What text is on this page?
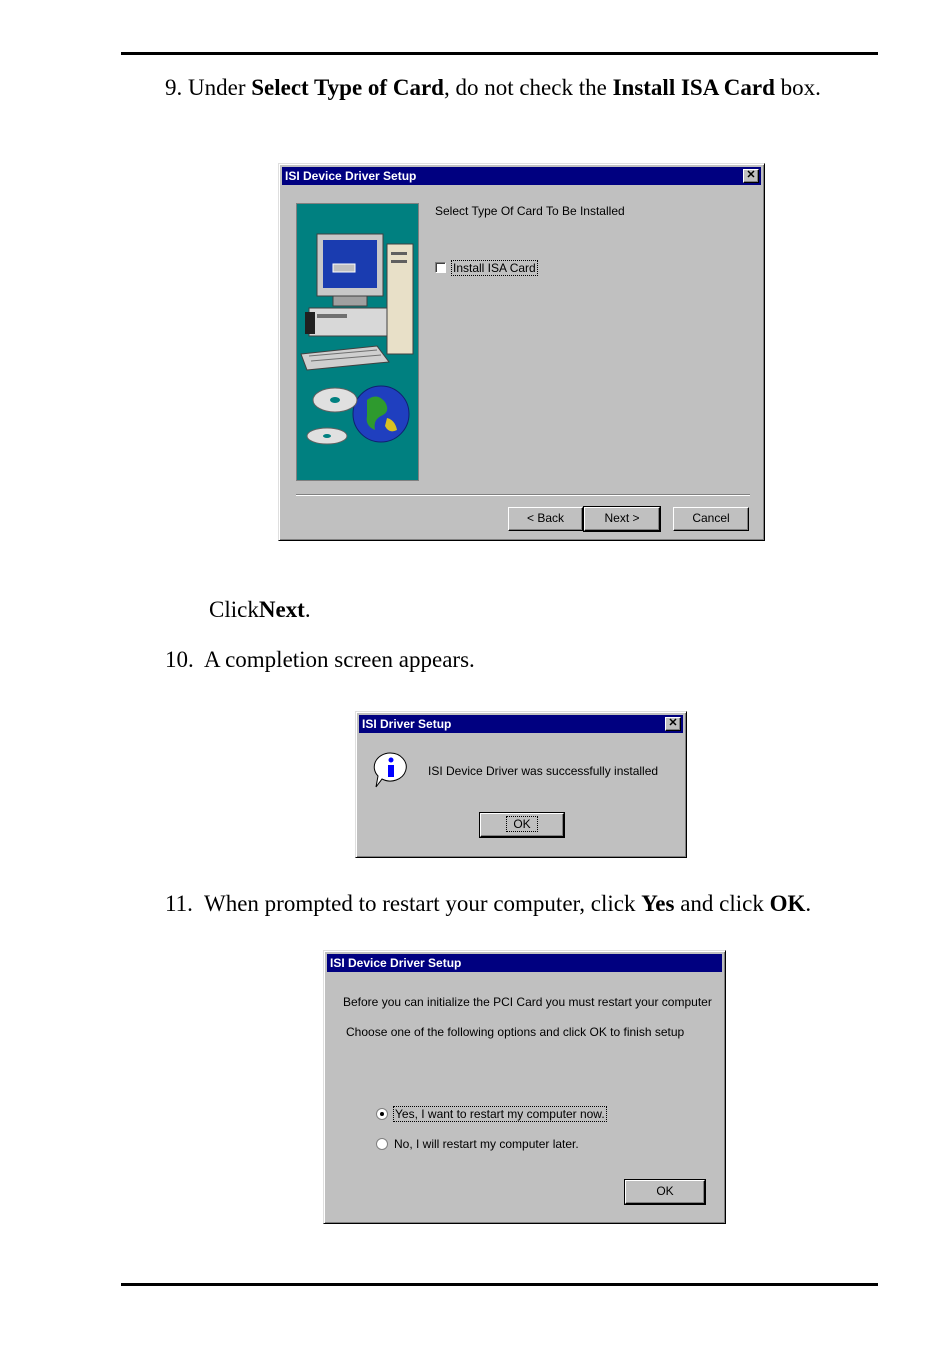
9. Under Select Type of Card, do not check the Install ISA Card box.
ISI Device Driver Setup	✕
Select Type Of Card To Be Installed
Install ISA Card
< Back	Next >	Cancel
ClickNext.
10. A completion screen appears.
ISI Driver Setup	✕
ISI Device Driver was successfully installed
OK
11. When prompted to restart your computer, click Yes and click OK.
ISI Device Driver Setup
Before you can initialize the PCI Card you must restart your computer
Choose one of the following options and click OK to finish setup
Yes, I want to restart my computer now.
No, I will restart my computer later.
OK
